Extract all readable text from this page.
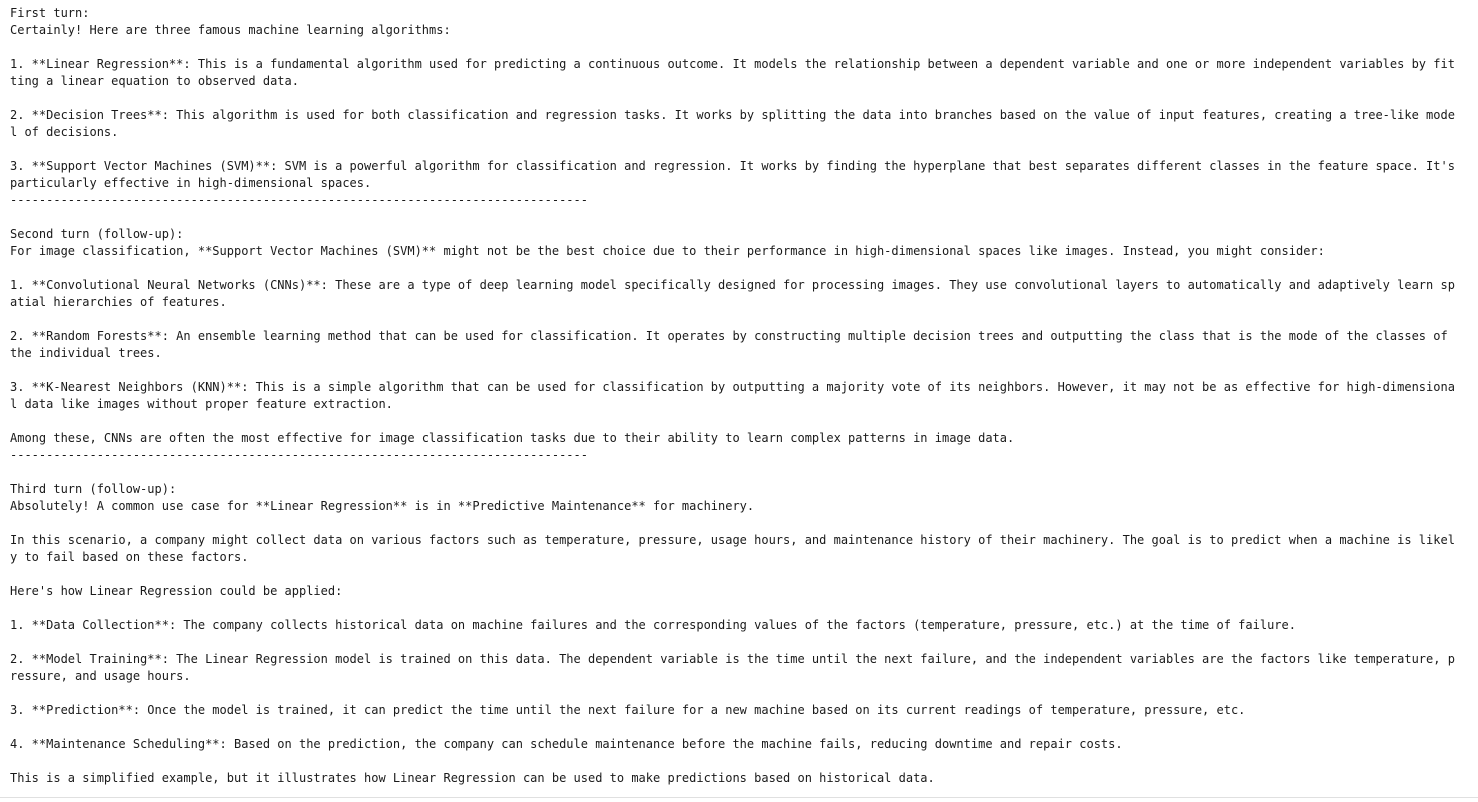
First turn:
Certainly! Here are three famous machine learning algorithms:
1. **Linear Regression**: This is a fundamental algorithm used for predicting a continuous outcome. It models the relationship between a dependent variable and one or more independent variables by fitting a linear equation to observed data.
2. **Decision Trees**: This algorithm is used for both classification and regression tasks. It works by splitting the data into branches based on the value of input features, creating a tree-like model of decisions.
3. **Support Vector Machines (SVM)**: SVM is a powerful algorithm for classification and regression. It works by finding the hyperplane that best separates different classes in the feature space. It's particularly effective in high-dimensional spaces.
--------------------------------------------------------------------------------
Second turn (follow-up):
For image classification, **Support Vector Machines (SVM)** might not be the best choice due to their performance in high-dimensional spaces like images. Instead, you might consider:
1. **Convolutional Neural Networks (CNNs)**: These are a type of deep learning model specifically designed for processing images. They use convolutional layers to automatically and adaptively learn spatial hierarchies of features.
2. **Random Forests**: An ensemble learning method that can be used for classification. It operates by constructing multiple decision trees and outputting the class that is the mode of the classes of the individual trees.
3. **K-Nearest Neighbors (KNN)**: This is a simple algorithm that can be used for classification by outputting a majority vote of its neighbors. However, it may not be as effective for high-dimensional data like images without proper feature extraction.
Among these, CNNs are often the most effective for image classification tasks due to their ability to learn complex patterns in image data.
--------------------------------------------------------------------------------
Third turn (follow-up):
Absolutely! A common use case for **Linear Regression** is in **Predictive Maintenance** for machinery.
In this scenario, a company might collect data on various factors such as temperature, pressure, usage hours, and maintenance history of their machinery. The goal is to predict when a machine is likely to fail based on these factors.
Here's how Linear Regression could be applied:
1. **Data Collection**: The company collects historical data on machine failures and the corresponding values of the factors (temperature, pressure, etc.) at the time of failure.
2. **Model Training**: The Linear Regression model is trained on this data. The dependent variable is the time until the next failure, and the independent variables are the factors like temperature, pressure, and usage hours.
3. **Prediction**: Once the model is trained, it can predict the time until the next failure for a new machine based on its current readings of temperature, pressure, etc.
4. **Maintenance Scheduling**: Based on the prediction, the company can schedule maintenance before the machine fails, reducing downtime and repair costs.
This is a simplified example, but it illustrates how Linear Regression can be used to make predictions based on historical data.
